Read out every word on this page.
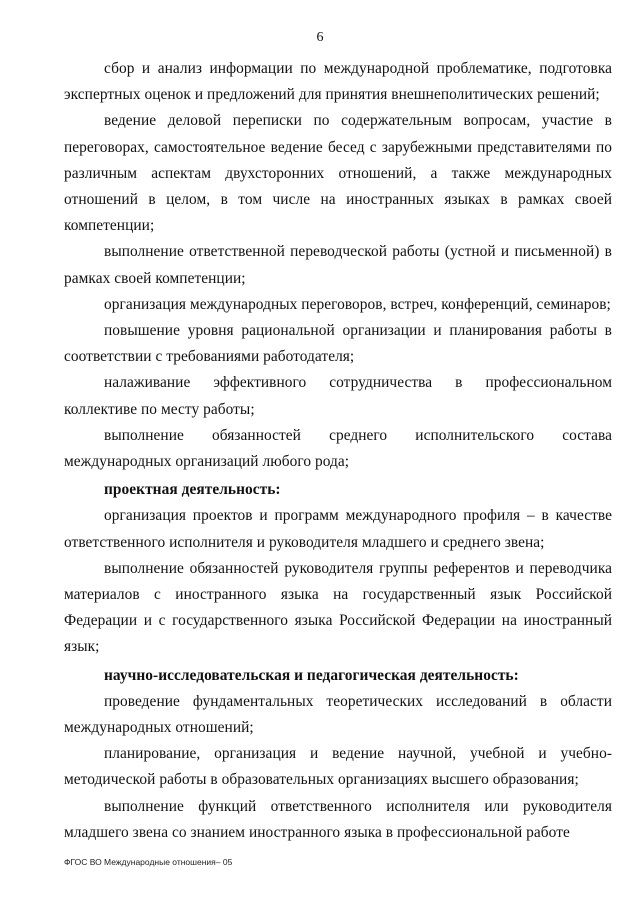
6

сбор и анализ информации по международной проблематике, подготовка экспертных оценок и предложений для принятия внешнеполитических решений;

ведение деловой переписки по содержательным вопросам, участие в переговорах, самостоятельное ведение бесед с зарубежными представителями по различным аспектам двухсторонних отношений, а также международных отношений в целом, в том числе на иностранных языках в рамках своей компетенции;

выполнение ответственной переводческой работы (устной и письменной) в рамках своей компетенции;

организация международных переговоров, встреч, конференций, семинаров;

повышение уровня рациональной организации и планирования работы в соответствии с требованиями работодателя;

налаживание эффективного сотрудничества в профессиональном коллективе по месту работы;

выполнение обязанностей среднего исполнительского состава международных организаций любого рода;

проектная деятельность:

организация проектов и программ международного профиля – в качестве ответственного исполнителя и руководителя младшего и среднего звена;

выполнение обязанностей руководителя группы референтов и переводчика материалов с иностранного языка на государственный язык Российской Федерации и с государственного языка Российской Федерации на иностранный язык;

научно-исследовательская и педагогическая деятельность:

проведение фундаментальных теоретических исследований в области международных отношений;

планирование, организация и ведение научной, учебной и учебно-методической работы в образовательных организациях высшего образования;

выполнение функций ответственного исполнителя или руководителя младшего звена со знанием иностранного языка в профессиональной работе

ФГОС ВО Международные отношения– 05
